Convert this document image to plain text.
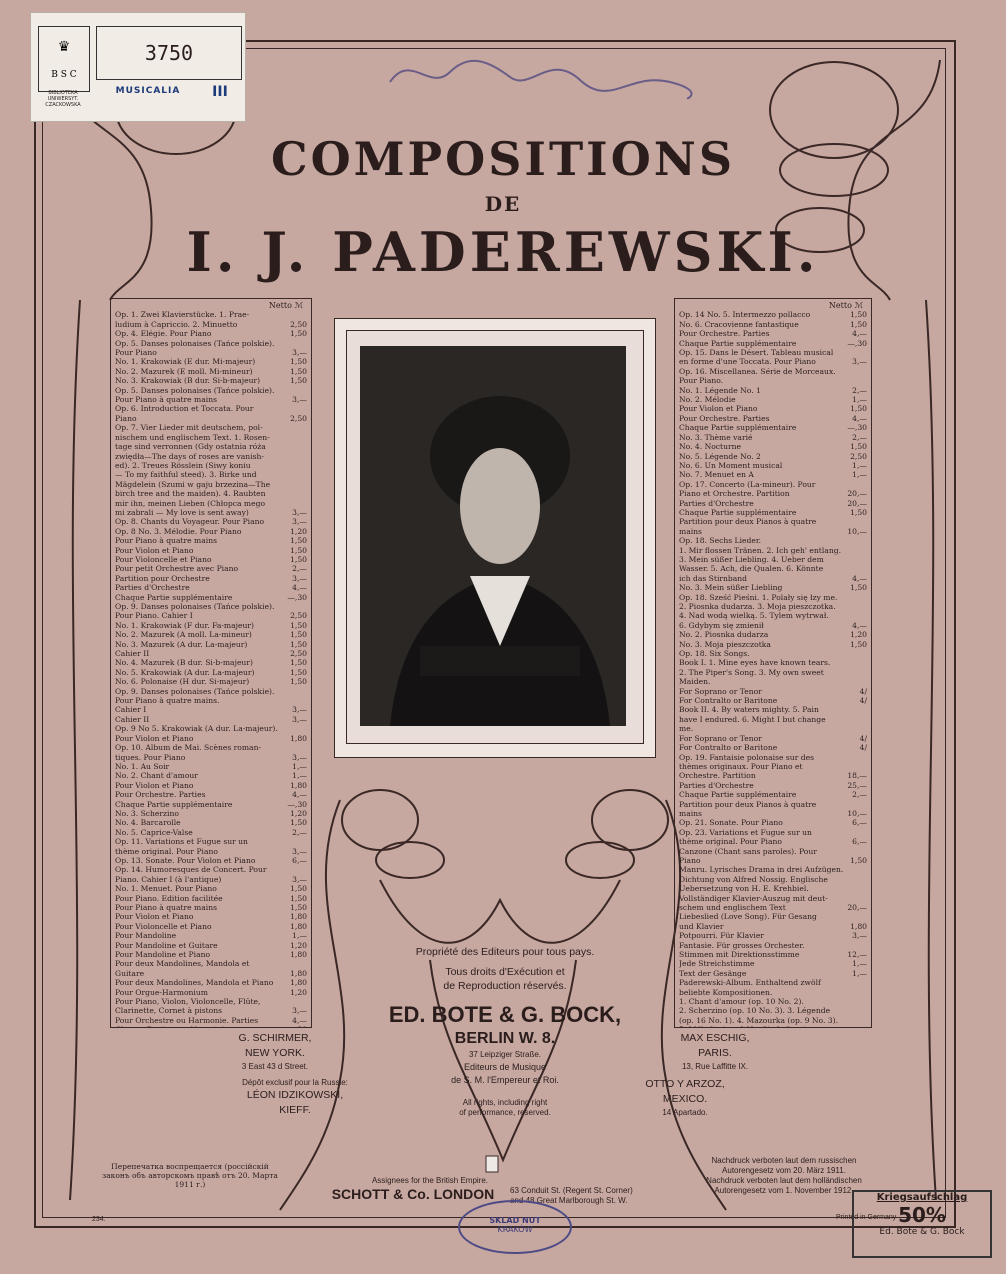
♛
B S C
BIBLIOTEKA UNIWERSYT. CZACKOWSKA
3750
MUSICALIA	III
COMPOSITIONS
DE
I. J. PADEREWSKI.
Netto ℳ
Op. 1. Zwei Klavierstücke. 1. Prae-
ludium à Capriccio. 2. Minuetto	2,50
Op. 4. Elégie. Pour Piano	1,50
Op. 5. Danses polonaises (Tańce polskie).
Pour Piano	3,—
No. 1. Krakowiak (E dur. Mi-majeur)	1,50
No. 2. Mazurek (E moll. Mi-mineur)	1,50
No. 3. Krakowiak (B dur. Si-b-majeur)	1,50
Op. 5. Danses polonaises (Tańce polskie).
Pour Piano à quatre mains	3,—
Op. 6. Introduction et Toccata. Pour
Piano	2,50
Op. 7. Vier Lieder mit deutschem, pol-
nischem und englischem Text. 1. Rosen-
tage sind verronnen (Gdy ostatnia róża
zwiędła—The days of roses are vanish-
ed). 2. Treues Rösslein (Siwy koniu
— To my faithful steed). 3. Birke und
Mägdelein (Szumi w gaju brzezina—The
birch tree and the maiden). 4. Raubten
mir ihn, meinen Lieben (Chłopca mego
mi zabrali — My love is sent away)	3,—
Op. 8. Chants du Voyageur. Pour Piano	3,—
Op. 8 No. 3. Mélodie. Pour Piano	1,20
Pour Piano à quatre mains	1,50
Pour Violon et Piano	1,50
Pour Violoncelle et Piano	1,50
Pour petit Orchestre avec Piano	2,—
Partition pour Orchestre	3,—
Parties d'Orchestre	4,—
Chaque Partie supplémentaire	—,30
Op. 9. Danses polonaises (Tańce polskie).
Pour Piano. Cahier I	2,50
No. 1. Krakowiak (F dur. Fa-majeur)	1,50
No. 2. Mazurek (A moll. La-mineur)	1,50
No. 3. Mazurek (A dur. La-majeur)	1,50
Cahier II	2,50
No. 4. Mazurek (B dur. Si-b-majeur)	1,50
No. 5. Krakowiak (A dur. La-majeur)	1,50
No. 6. Polonaise (H dur. Si-majeur)	1,50
Op. 9. Danses polonaises (Tańce polskie).
Pour Piano à quatre mains.
Cahier I	3,—
Cahier II	3,—
Op. 9 No 5. Krakowiak (A dur. La-majeur).
Pour Violon et Piano	1,80
Op. 10. Album de Mai. Scènes roman-
tiques. Pour Piano	3,—
No. 1. Au Soir	1,—
No. 2. Chant d'amour	1,—
Pour Violon et Piano	1,80
Pour Orchestre. Parties	4,—
Chaque Partie supplémentaire	—,30
No. 3. Scherzino	1,20
No. 4. Barcarolle	1,50
No. 5. Caprice-Valse	2,—
Op. 11. Variations et Fugue sur un
thème original. Pour Piano	3,—
Op. 13. Sonate. Pour Violon et Piano	6,—
Op. 14. Humoresques de Concert. Pour
Piano. Cahier I (à l'antique)	3,—
No. 1. Menuet. Pour Piano	1,50
Pour Piano. Edition facilitée	1,50
Pour Piano à quatre mains	1,50
Pour Violon et Piano	1,80
Pour Violoncelle et Piano	1,80
Pour Mandoline	1,—
Pour Mandoline et Guitare	1,20
Pour Mandoline et Piano	1,80
Pour deux Mandolines, Mandola et
Guitare	1,80
Pour deux Mandolines, Mandola et Piano	1,80
Pour Orgue-Harmonium	1,20
Pour Piano, Violon, Violoncelle, Flûte,
Clarinette, Cornet à pistons	3,—
Pour Orchestre ou Harmonie. Parties	4,—
Netto ℳ
Op. 14 No. 5. Intermezzo pollacco	1,50
No. 6. Cracovienne fantastique	1,50
Pour Orchestre. Parties	4,—
Chaque Partie supplémentaire	—,30
Op. 15. Dans le Désert. Tableau musical
en forme d'une Toccata. Pour Piano	3,—
Op. 16. Miscellanea. Série de Morceaux.
Pour Piano.
No. 1. Légende No. 1	2,—
No. 2. Mélodie	1,—
Pour Violon et Piano	1,50
Pour Orchestre. Parties	4,—
Chaque Partie supplémentaire	—,30
No. 3. Thème varié	2,—
No. 4. Nocturne	1,50
No. 5. Légende No. 2	2,50
No. 6. Un Moment musical	1,—
No. 7. Menuet en A	1,—
Op. 17. Concerto (La-mineur). Pour
Piano et Orchestre. Partition	20,—
Parties d'Orchestre	20,—
Chaque Partie supplémentaire	1,50
Partition pour deux Pianos à quatre
mains	10,—
Op. 18. Sechs Lieder.
1. Mir flossen Tränen. 2. Ich geh' entlang.
3. Mein süßer Liebling. 4. Ueber dem
Wasser. 5. Ach, die Qualen. 6. Könnte
ich das Stirnband	4,—
No. 3. Mein süßer Liebling	1,50
Op. 18. Sześć Pieśni. 1. Polały się łzy me.
2. Piosnka dudarza. 3. Moja pieszczotka.
4. Nad wodą wielką. 5. Tylem wytrwał.
6. Gdybym się zmienił	4,—
No. 2. Piosnka dudarza	1,20
No. 3. Moja pieszczotka	1,50
Op. 18. Six Songs.
Book I. 1. Mine eyes have known tears.
2. The Piper's Song. 3. My own sweet
Maiden.
For Soprano or Tenor	4/
For Contralto or Baritone	4/
Book II. 4. By waters mighty. 5. Pain
have I endured. 6. Might I but change
me.
For Soprano or Tenor	4/
For Contralto or Baritone	4/
Op. 19. Fantaisie polonaise sur des
thèmes originaux. Pour Piano et
Orchestre. Partition	18,—
Parties d'Orchestre	25,—
Chaque Partie supplémentaire	2,—
Partition pour deux Pianos à quatre
mains	10,—
Op. 21. Sonate. Pour Piano	6,—
Op. 23. Variations et Fugue sur un
thème original. Pour Piano	6,—
Canzone (Chant sans paroles). Pour
Piano	1,50
Manru. Lyrisches Drama in drei Aufzügen.
Dichtung von Alfred Nossig. Englische
Uebersetzung von H. E. Krehbiel.
Vollständiger Klavier-Auszug mit deut-
schem und englischem Text	20,—
Liebeslied (Love Song). Für Gesang
und Klavier	1,80
Potpourri. Für Klavier	3,—
Fantasie. Für grosses Orchester.
Stimmen mit Direktionsstimme	12,—
Jede Streichstimme	1,—
Text der Gesänge	1,—
Paderewski-Album. Enthaltend zwölf
beliebte Kompositionen.
1. Chant d'amour (op. 10 No. 2).
2. Scherzino (op. 10 No. 3). 3. Légende
(op. 16 No. 1). 4. Mazourka (op. 9 No. 3).
Propriété des Editeurs pour tous pays.
Tous droits d'Exécution et
de Reproduction réservés.
ED. BOTE & G. BOCK,
BERLIN W. 8.
37 Leipziger Straße.
Editeurs de Musique
de S. M. l'Empereur et Roi.
All rights, including right
of performance, reserved.
G. SCHIRMER,
NEW YORK.
3 East 43 d Street.
Dépôt exclusif pour la Russie:
LÉON IDZIKOWSKI,
KIEFF.
MAX ESCHIG,
PARIS.
13, Rue Laffitte IX.
OTTO Y ARZOZ,
MEXICO.
14 Apartado.
Перепечатка воспрещается (россійскій законъ объ авторскомъ правѣ отъ 20. Марта 1911 г.)	Assignees for the British Empire.
SCHOTT & Co. LONDON	63 Conduit St. (Regent St. Corner)
and 48 Great Marlborough St. W.
Nachdruck verboten laut dem russischen
Autorengesetz vom 20. März 1911.
Nachdruck verboten laut dem holländischen
Autorengesetz vom 1. November 1912.
234.	Printed in Germany
SKLAD NUT
KRAKÓW
Kriegsaufschlag
50%
Ed. Bote & G. Bock
